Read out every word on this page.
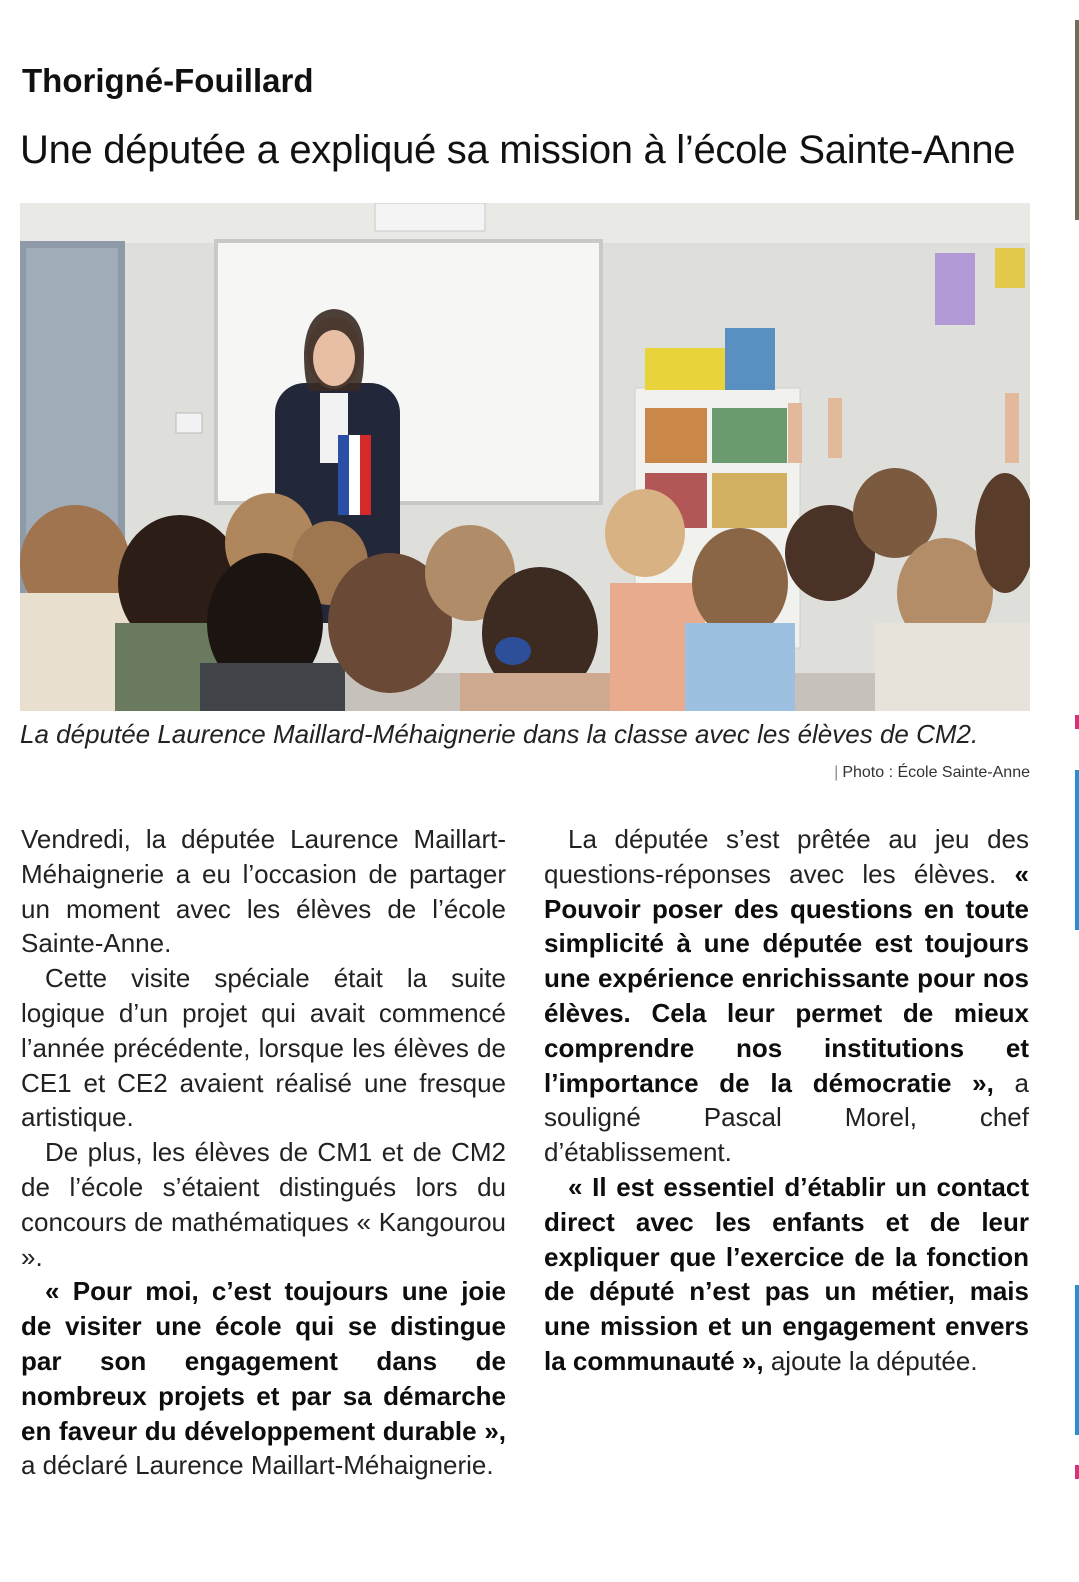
Thorigné-Fouillard
Une députée a expliqué sa mission à l’école Sainte-Anne
La députée Laurence Maillard-Méhaignerie dans la classe avec les élèves de CM2.
| Photo : École Sainte-Anne

Vendredi, la députée Laurence Maillart-Méhaignerie a eu l’occasion de partager un moment avec les élèves de l’école Sainte-Anne.

Cette visite spéciale était la suite logique d’un projet qui avait commencé l’année précédente, lorsque les élèves de CE1 et CE2 avaient réalisé une fresque artistique.

De plus, les élèves de CM1 et de CM2 de l’école s’étaient distingués lors du concours de mathématiques « Kangourou ».

« Pour moi, c’est toujours une joie de visiter une école qui se distingue par son engagement dans de nombreux projets et par sa démarche en faveur du développement durable », a déclaré Laurence Maillart-Méhaignerie.

La députée s’est prêtée au jeu des questions-réponses avec les élèves. « Pouvoir poser des questions en toute simplicité à une députée est toujours une expérience enrichissante pour nos élèves. Cela leur permet de mieux comprendre nos institutions et l’importance de la démocratie », a souligné Pascal Morel, chef d’établissement.

« Il est essentiel d’établir un contact direct avec les enfants et de leur expliquer que l’exercice de la fonction de député n’est pas un métier, mais une mission et un engagement envers la communauté », ajoute la députée.
